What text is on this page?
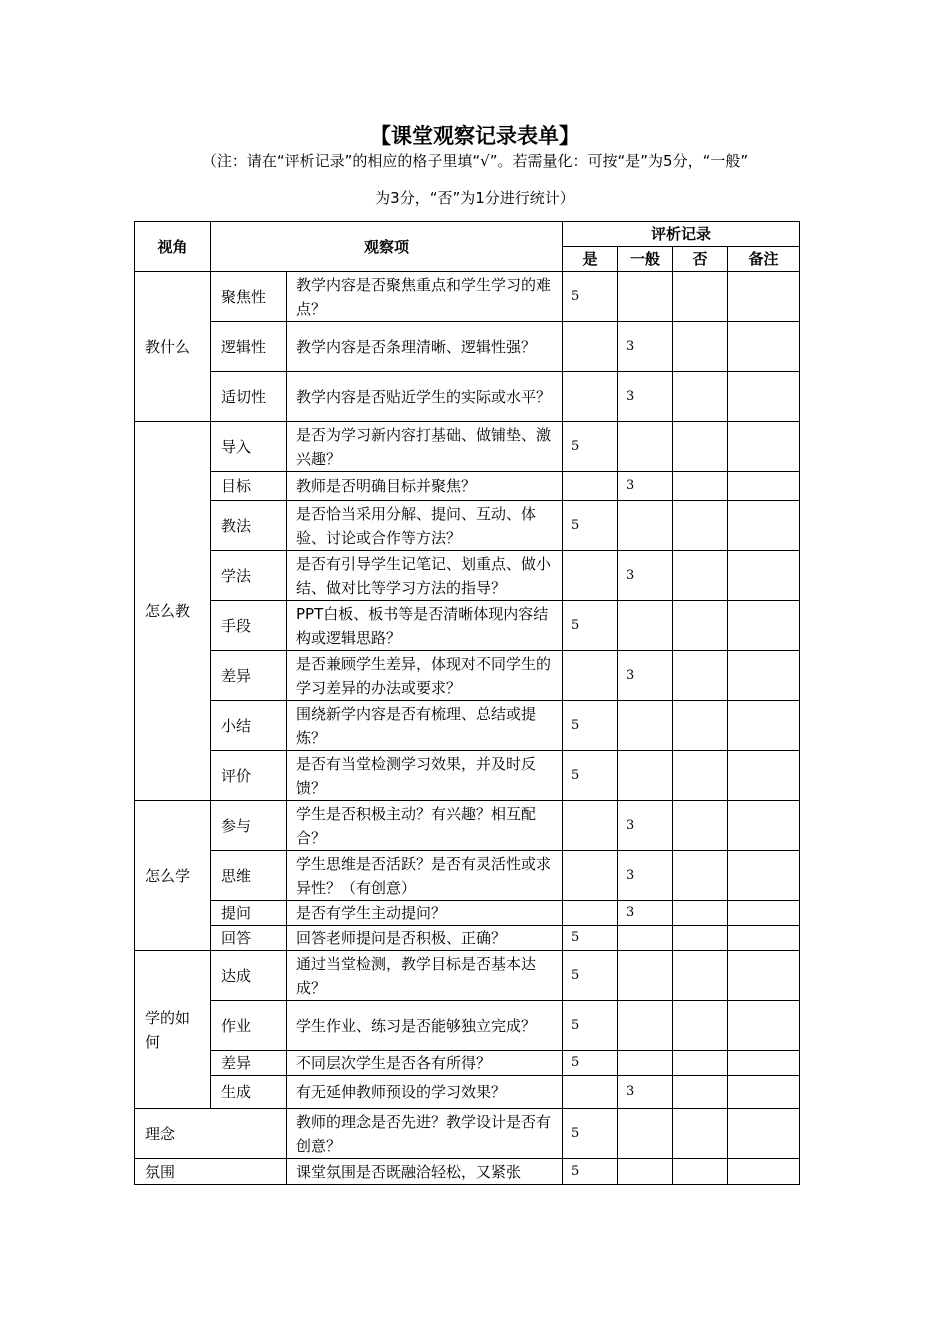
【课堂观察记录表单】
（注：请在“评析记录”的相应的格子里填“√”。若需量化：可按“是”为5分，“一般”
为3分，“否”为1分进行统计）
视角	观察项		评析记录			
			是	一般	否	备注
教什么	聚焦性	教学内容是否聚焦重点和学生学习的难点？	5			
	逻辑性	教学内容是否条理清晰、逻辑性强？		3		
	适切性	教学内容是否贴近学生的实际或水平？		3		
怎么教	导入	是否为学习新内容打基础、做铺垫、激兴趣？	5			
	目标	教师是否明确目标并聚焦？		3		
	教法	是否恰当采用分解、提问、互动、体验、讨论或合作等方法？	5			
	学法	是否有引导学生记笔记、划重点、做小结、做对比等学习方法的指导？		3		
	手段	PPT白板、板书等是否清晰体现内容结构或逻辑思路？	5			
	差异	是否兼顾学生差异，体现对不同学生的学习差异的办法或要求？		3		
	小结	围绕新学内容是否有梳理、总结或提炼？	5			
	评价	是否有当堂检测学习效果，并及时反馈？	5			
怎么学	参与	学生是否积极主动？有兴趣？相互配合？		3		
	思维	学生思维是否活跃？是否有灵活性或求异性？（有创意）		3		
	提问	是否有学生主动提问？		3		
	回答	回答老师提问是否积极、正确？	5			
学的如何	达成	通过当堂检测，教学目标是否基本达成？	5			
	作业	学生作业、练习是否能够独立完成？	5			
	差异	不同层次学生是否各有所得？	5			
	生成	有无延伸教师预设的学习效果？		3		
理念		教师的理念是否先进？教学设计是否有创意？	5			
氛围		课堂氛围是否既融洽轻松，又紧张	5			
